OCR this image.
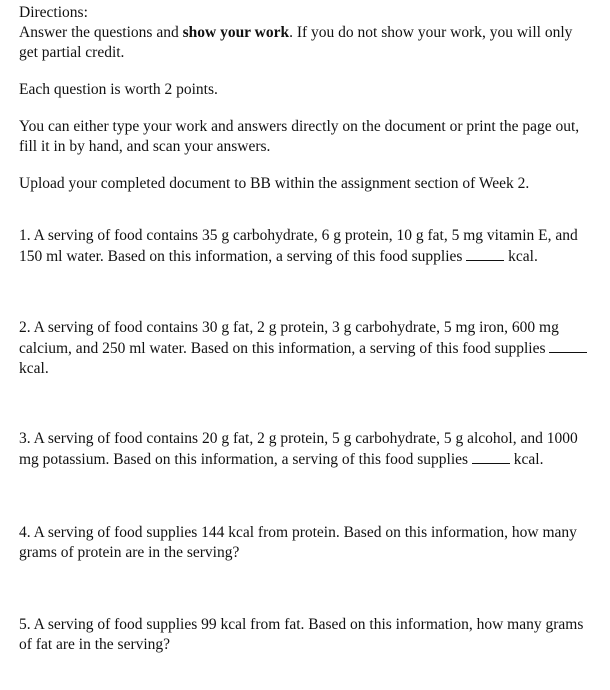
Directions:

Answer the questions and show your work. If you do not show your work, you will only get partial credit.

Each question is worth 2 points.

You can either type your work and answers directly on the document or print the page out, fill it in by hand, and scan your answers.

Upload your completed document to BB within the assignment section of Week 2.

1. A serving of food contains 35 g carbohydrate, 6 g protein, 10 g fat, 5 mg vitamin E, and 150 ml water. Based on this information, a serving of this food supplies  kcal.

2. A serving of food contains 30 g fat, 2 g protein, 3 g carbohydrate, 5 mg iron, 600 mg calcium, and 250 ml water. Based on this information, a serving of this food supplies  kcal.

3. A serving of food contains 20 g fat, 2 g protein, 5 g carbohydrate, 5 g alcohol, and 1000 mg potassium. Based on this information, a serving of this food supplies  kcal.

4. A serving of food supplies 144 kcal from protein. Based on this information, how many grams of protein are in the serving?

5. A serving of food supplies 99 kcal from fat. Based on this information, how many grams of fat are in the serving?
